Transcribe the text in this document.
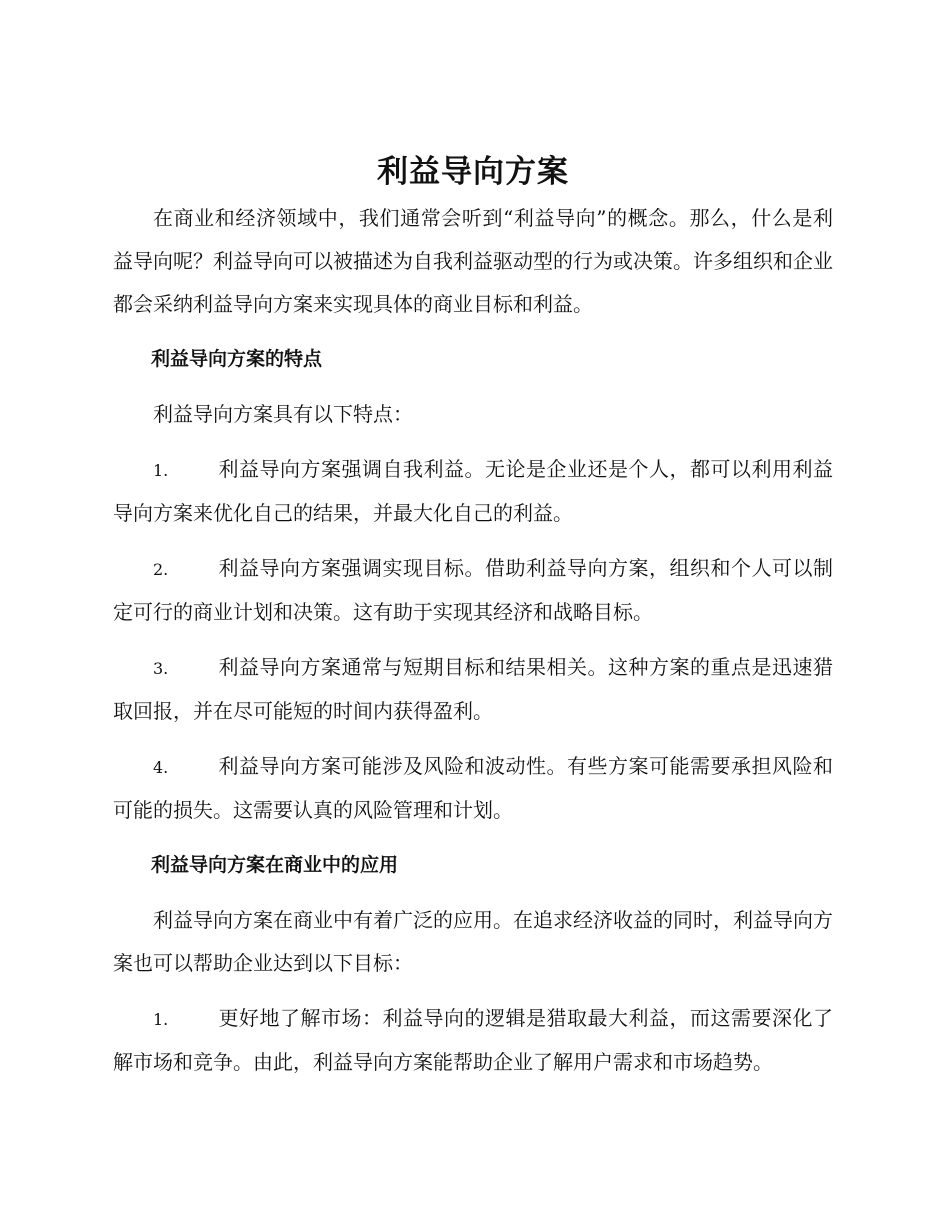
利益导向方案

在商业和经济领域中，我们通常会听到“利益导向”的概念。那么，什么是利益导向呢？利益导向可以被描述为自我利益驱动型的行为或决策。许多组织和企业都会采纳利益导向方案来实现具体的商业目标和利益。

利益导向方案的特点

利益导向方案具有以下特点：

1. 利益导向方案强调自我利益。无论是企业还是个人，都可以利用利益导向方案来优化自己的结果，并最大化自己的利益。

2. 利益导向方案强调实现目标。借助利益导向方案，组织和个人可以制定可行的商业计划和决策。这有助于实现其经济和战略目标。

3. 利益导向方案通常与短期目标和结果相关。这种方案的重点是迅速猎取回报，并在尽可能短的时间内获得盈利。

4. 利益导向方案可能涉及风险和波动性。有些方案可能需要承担风险和可能的损失。这需要认真的风险管理和计划。

利益导向方案在商业中的应用

利益导向方案在商业中有着广泛的应用。在追求经济收益的同时，利益导向方案也可以帮助企业达到以下目标：

1. 更好地了解市场：利益导向的逻辑是猎取最大利益，而这需要深化了解市场和竞争。由此，利益导向方案能帮助企业了解用户需求和市场趋势。
